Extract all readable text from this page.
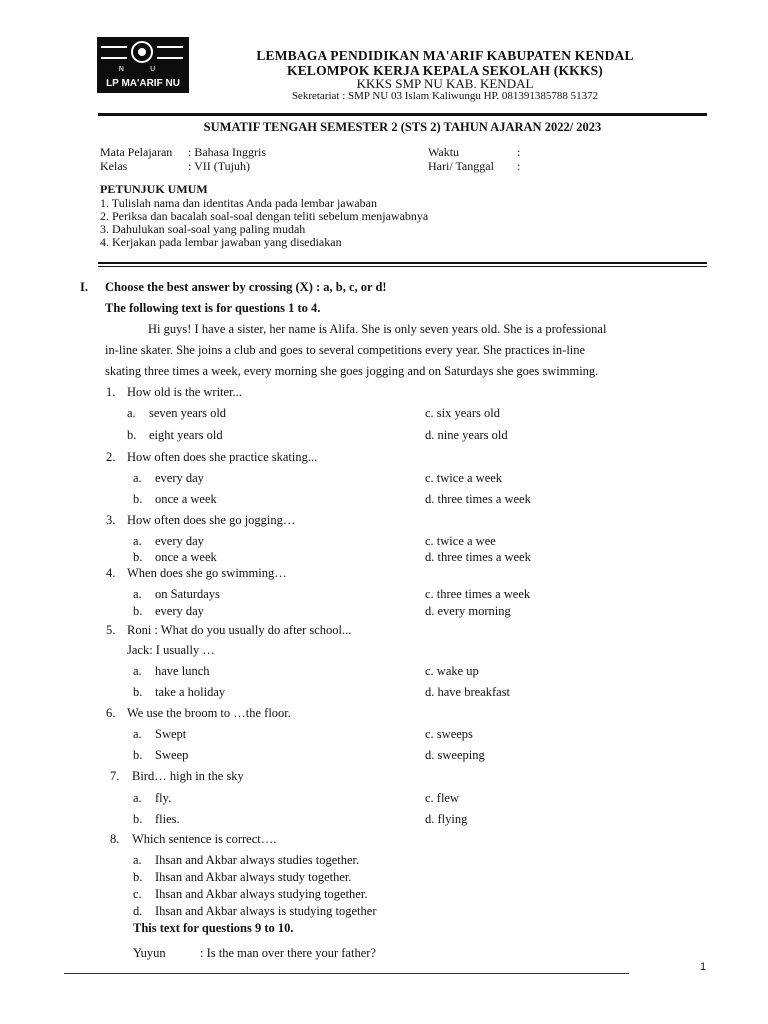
N U
LP MA'ARIF NU
LEMBAGA PENDIDIKAN MA'ARIF KABUPATEN KENDAL
KELOMPOK KERJA KEPALA SEKOLAH (KKKS)
KKKS SMP NU KAB. KENDAL
Sekretariat : SMP NU 03 Islam Kaliwungu HP. 081391385788 51372
SUMATIF TENGAH SEMESTER 2 (STS 2) TAHUN AJARAN 2022/ 2023
Mata Pelajaran : Bahasa Inggris
Kelas	: VII (Tujuh)
Waktu	:
Hari/ Tanggal :
PETUNJUK UMUM
1. Tulislah nama dan identitas Anda pada lembar jawaban
2. Periksa dan bacalah soal-soal dengan teliti sebelum menjawabnya
3. Dahulukan soal-soal yang paling mudah
4. Kerjakan pada lembar jawaban yang disediakan
I. Choose the best answer by crossing (X) : a, b, c, or d!
The following text is for questions 1 to 4.
Hi guys! I have a sister, her name is Alifa. She is only seven years old. She is a professional
in-line skater. She joins a club and goes to several competitions every year. She practices in-line
skating three times a week, every morning she goes jogging and on Saturdays she goes swimming.
1. How old is the writer...
a. seven years old	c. six years old
b. eight years old	d. nine years old
2. How often does she practice skating...
a. every day	c. twice a week
b. once a week	d. three times a week
3. How often does she go jogging…
a. every day	c. twice a wee
b. once a week	d. three times a week
4. When does she go swimming…
a. on Saturdays	c. three times a week
b. every day	d. every morning
5. Roni : What do you usually do after school...
Jack: I usually …
a. have lunch	c. wake up
b. take a holiday	d. have breakfast
6. We use the broom to …the floor.
a. Swept	c. sweeps
b. Sweep	d. sweeping
7. Bird… high in the sky
a. fly.	c. flew
b. flies.	d. flying
8. Which sentence is correct….
a. Ihsan and Akbar always studies together.
b. Ihsan and Akbar always study together.
c. Ihsan and Akbar always studying together.
d. Ihsan and Akbar always is studying together
This text for questions 9 to 10.
Yuyun	: Is the man over there your father?
1
